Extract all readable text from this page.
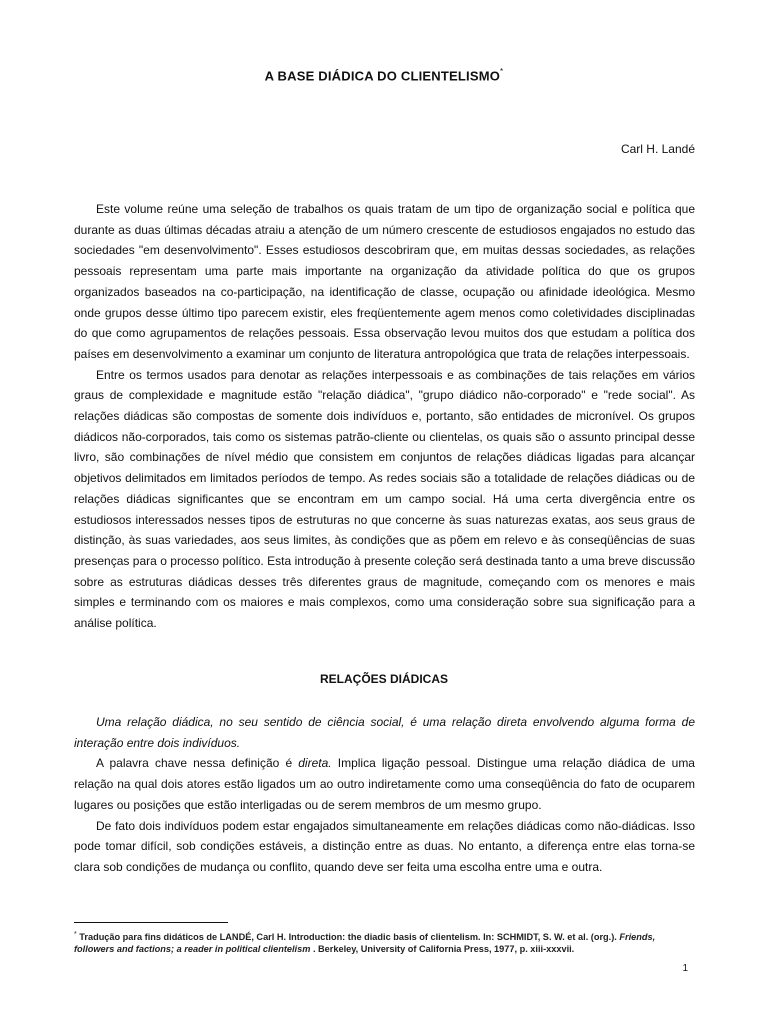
A BASE DIÁDICA DO CLIENTELISMO*
Carl H. Landé

Este volume reúne uma seleção de trabalhos os quais tratam de um tipo de organização social e política que durante as duas últimas décadas atraiu a atenção de um número crescente de estudiosos engajados no estudo das sociedades "em desenvolvimento". Esses estudiosos descobriram que, em muitas dessas sociedades, as relações pessoais representam uma parte mais importante na organização da atividade política do que os grupos organizados baseados na co-participação, na identificação de classe, ocupação ou afinidade ideológica. Mesmo onde grupos desse último tipo parecem existir, eles freqüentemente agem menos como coletividades disciplinadas do que como agrupamentos de relações pessoais. Essa observação levou muitos dos que estudam a política dos países em desenvolvimento a examinar um conjunto de literatura antropológica que trata de relações interpessoais.

Entre os termos usados para denotar as relações interpessoais e as combinações de tais relações em vários graus de complexidade e magnitude estão "relação diádica", "grupo diádico não-corporado" e "rede social". As relações diádicas são compostas de somente dois indivíduos e, portanto, são entidades de micronível. Os grupos diádicos não-corporados, tais como os sistemas patrão-cliente ou clientelas, os quais são o assunto principal desse livro, são combinações de nível médio que consistem em conjuntos de relações diádicas ligadas para alcançar objetivos delimitados em limitados períodos de tempo. As redes sociais são a totalidade de relações diádicas ou de relações diádicas significantes que se encontram em um campo social. Há uma certa divergência entre os estudiosos interessados nesses tipos de estruturas no que concerne às suas naturezas exatas, aos seus graus de distinção, às suas variedades, aos seus limites, às condições que as põem em relevo e às conseqüências de suas presenças para o processo político. Esta introdução à presente coleção será destinada tanto a uma breve discussão sobre as estruturas diádicas desses três diferentes graus de magnitude, começando com os menores e mais simples e terminando com os maiores e mais complexos, como uma consideração sobre sua significação para a análise política.

RELAÇÕES DIÁDICAS

Uma relação diádica, no seu sentido de ciência social, é uma relação direta envolvendo alguma forma de interação entre dois indivíduos.

A palavra chave nessa definição é direta. Implica ligação pessoal. Distingue uma relação diádica de uma relação na qual dois atores estão ligados um ao outro indiretamente como uma conseqüência do fato de ocuparem lugares ou posições que estão interligadas ou de serem membros de um mesmo grupo.

De fato dois indivíduos podem estar engajados simultaneamente em relações diádicas como não-diádicas. Isso pode tomar difícil, sob condições estáveis, a distinção entre as duas. No entanto, a diferença entre elas torna-se clara sob condições de mudança ou conflito, quando deve ser feita uma escolha entre uma e outra.

* Tradução para fins didáticos de LANDÉ, Carl H. Introduction: the diadic basis of clientelism. In: SCHMIDT, S. W. et al. (org.). Friends, followers and factions; a reader in political clientelism . Berkeley, University of California Press, 1977, p. xiii-xxxvii.
1
